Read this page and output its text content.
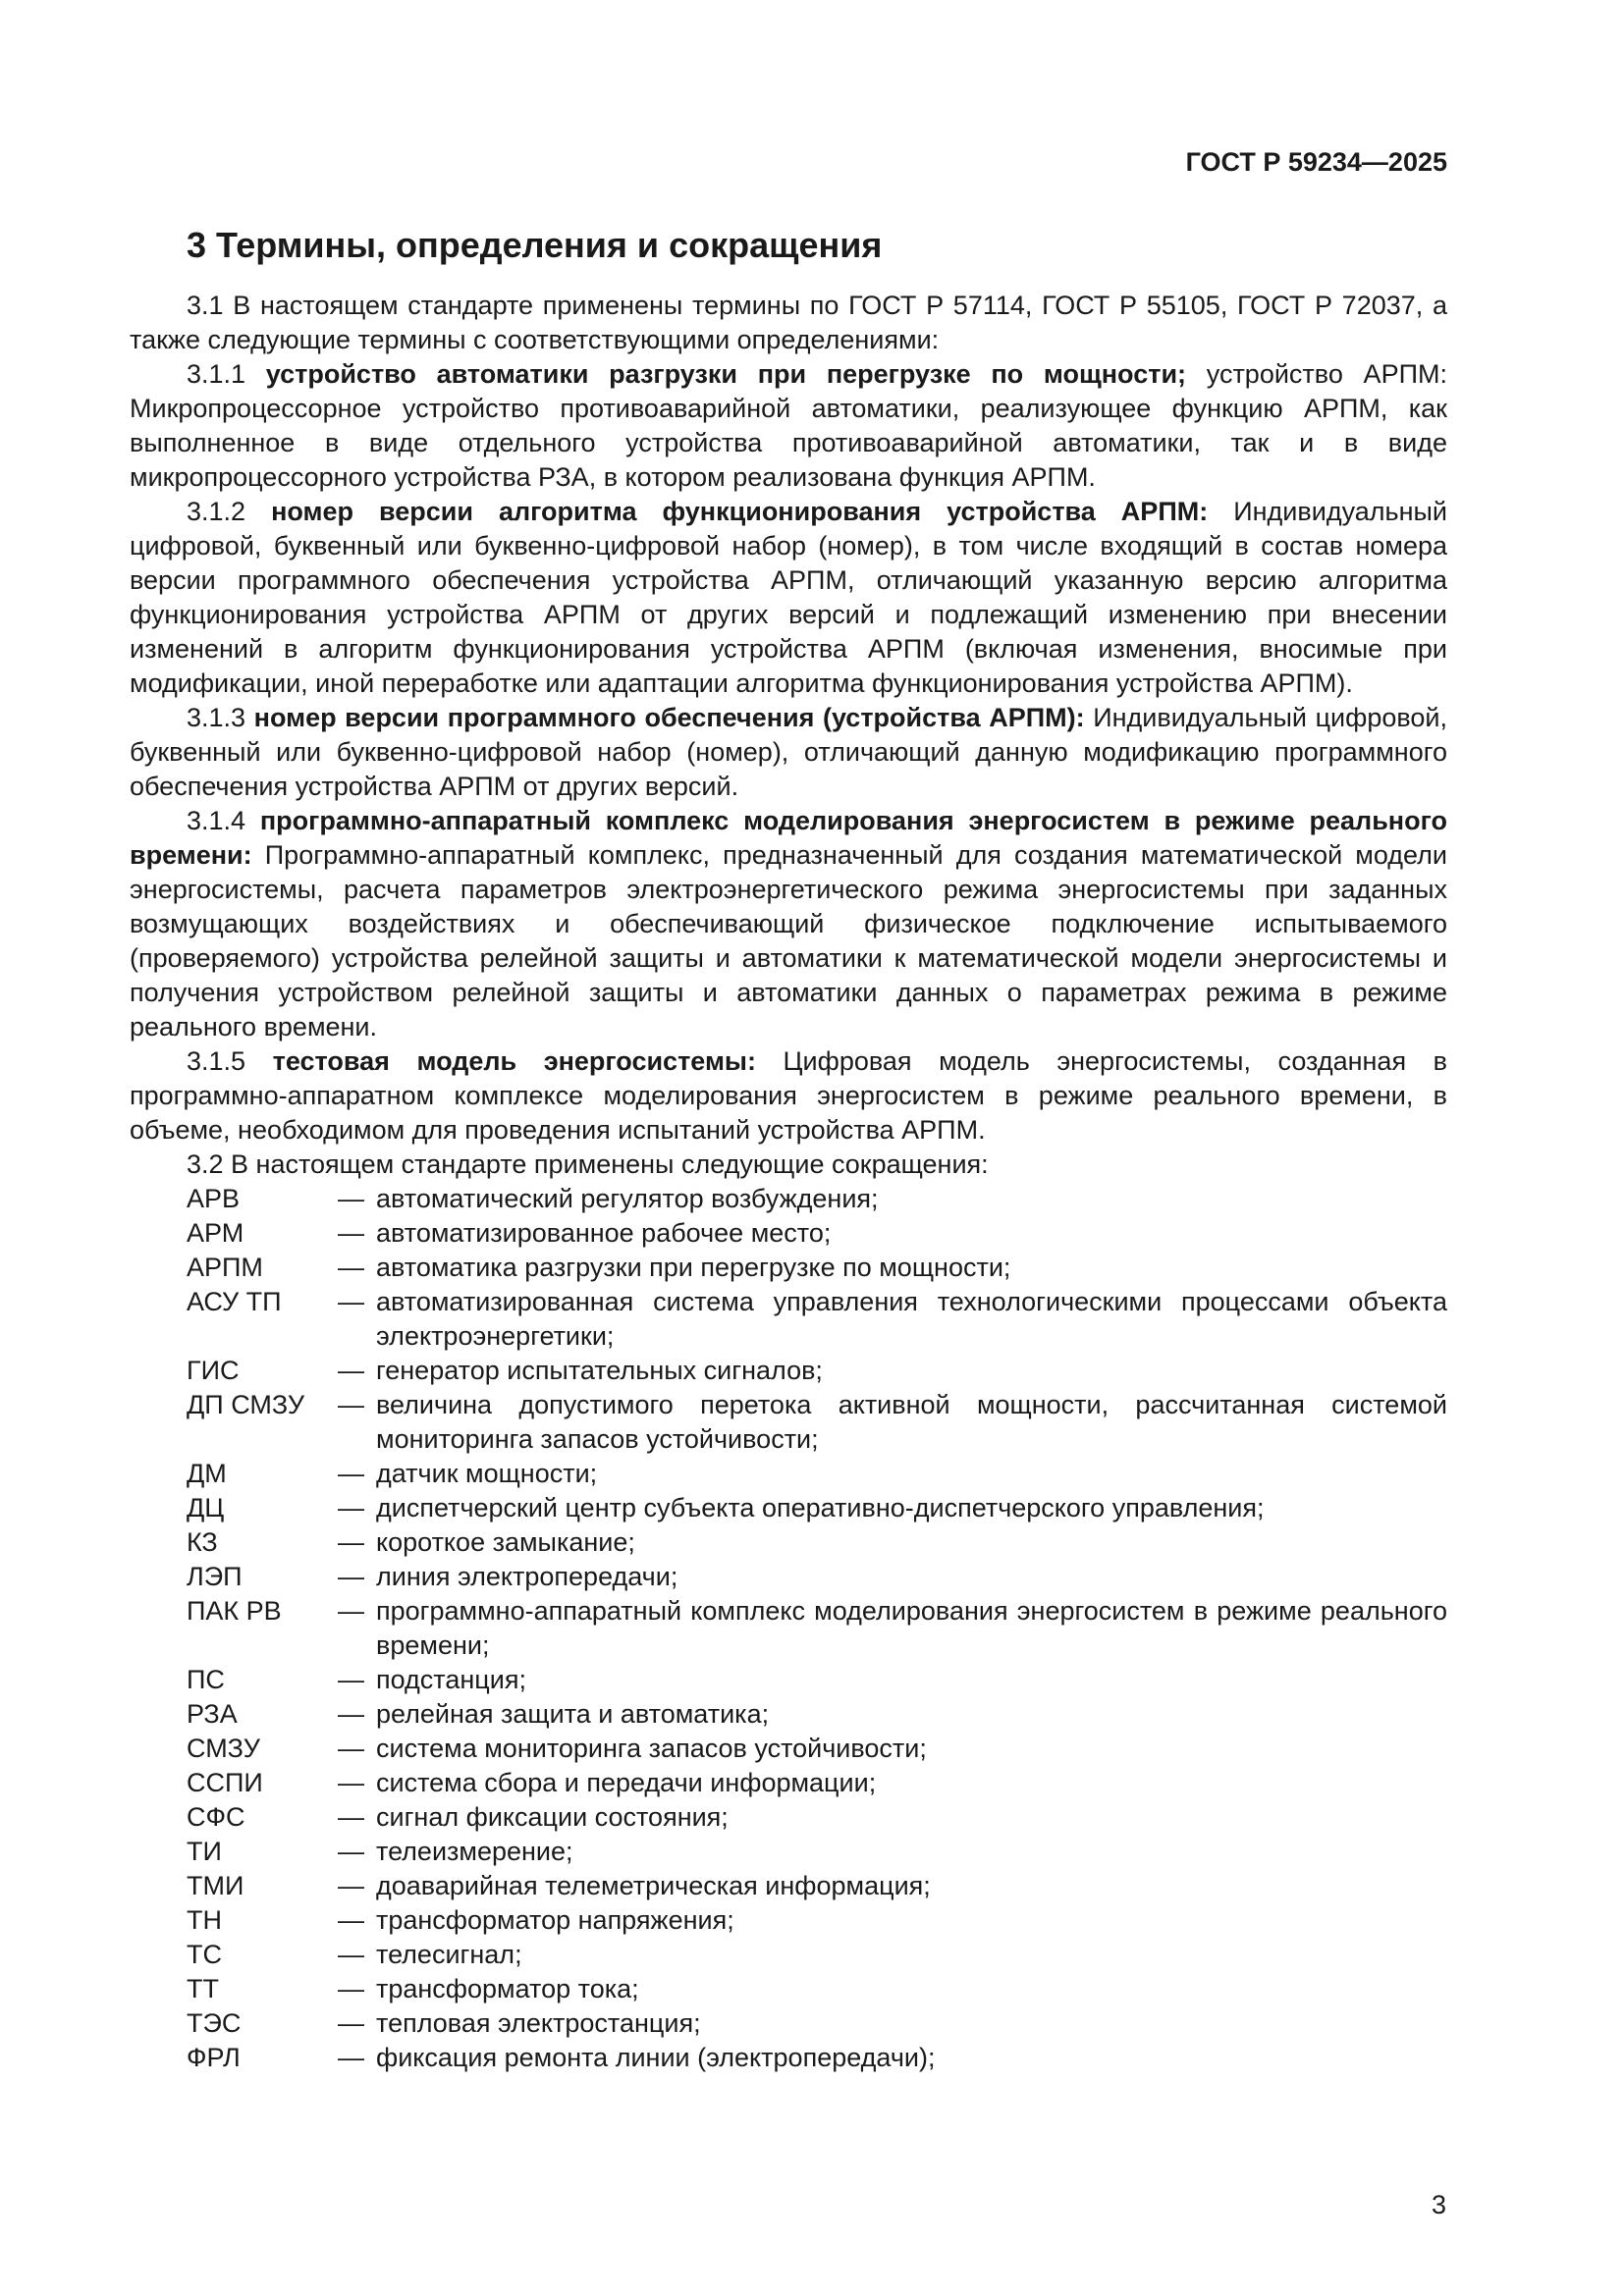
ГОСТ Р 59234—2025
3 Термины, определения и сокращения

3.1 В настоящем стандарте применены термины по ГОСТ Р 57114, ГОСТ Р 55105, ГОСТ Р 72037, а также следующие термины с соответствующими определениями:

3.1.1 устройство автоматики разгрузки при перегрузке по мощности; устройство АРПМ: Микропроцессорное устройство противоаварийной автоматики, реализующее функцию АРПМ, как выполненное в виде отдельного устройства противоаварийной автоматики, так и в виде микропроцессорного устройства РЗА, в котором реализована функция АРПМ.

3.1.2 номер версии алгоритма функционирования устройства АРПМ: Индивидуальный цифровой, буквенный или буквенно-цифровой набор (номер), в том числе входящий в состав номера версии программного обеспечения устройства АРПМ, отличающий указанную версию алгоритма функционирования устройства АРПМ от других версий и подлежащий изменению при внесении изменений в алгоритм функционирования устройства АРПМ (включая изменения, вносимые при модификации, иной переработке или адаптации алгоритма функционирования устройства АРПМ).

3.1.3 номер версии программного обеспечения (устройства АРПМ): Индивидуальный цифровой, буквенный или буквенно-цифровой набор (номер), отличающий данную модификацию программного обеспечения устройства АРПМ от других версий.

3.1.4 программно-аппаратный комплекс моделирования энергосистем в режиме реального времени: Программно-аппаратный комплекс, предназначенный для создания математической модели энергосистемы, расчета параметров электроэнергетического режима энергосистемы при заданных возмущающих воздействиях и обеспечивающий физическое подключение испытываемого (проверяемого) устройства релейной защиты и автоматики к математической модели энергосистемы и получения устройством релейной защиты и автоматики данных о параметрах режима в режиме реального времени.

3.1.5 тестовая модель энергосистемы: Цифровая модель энергосистемы, созданная в программно-аппаратном комплексе моделирования энергосистем в режиме реального времени, в объеме, необходимом для проведения испытаний устройства АРПМ.

3.2 В настоящем стандарте применены следующие сокращения:

АРВ	— автоматический регулятор возбуждения;
АРМ	— автоматизированное рабочее место;
АРПМ	— автоматика разгрузки при перегрузке по мощности;
АСУ ТП	— автоматизированная система управления технологическими процессами объекта электроэнергетики;
ГИС	— генератор испытательных сигналов;
ДП СМЗУ	— величина допустимого перетока активной мощности, рассчитанная системой мониторинга запасов устойчивости;
ДМ	— датчик мощности;
ДЦ	— диспетчерский центр субъекта оперативно-диспетчерского управления;
КЗ	— короткое замыкание;
ЛЭП	— линия электропередачи;
ПАК РВ	— программно-аппаратный комплекс моделирования энергосистем в режиме реального времени;
ПС	— подстанция;
РЗА	— релейная защита и автоматика;
СМЗУ	— система мониторинга запасов устойчивости;
ССПИ	— система сбора и передачи информации;
СФС	— сигнал фиксации состояния;
ТИ	— телеизмерение;
ТМИ	— доаварийная телеметрическая информация;
ТН	— трансформатор напряжения;
ТС	— телесигнал;
ТТ	— трансформатор тока;
ТЭС	— тепловая электростанция;
ФРЛ	— фиксация ремонта линии (электропередачи);
3
